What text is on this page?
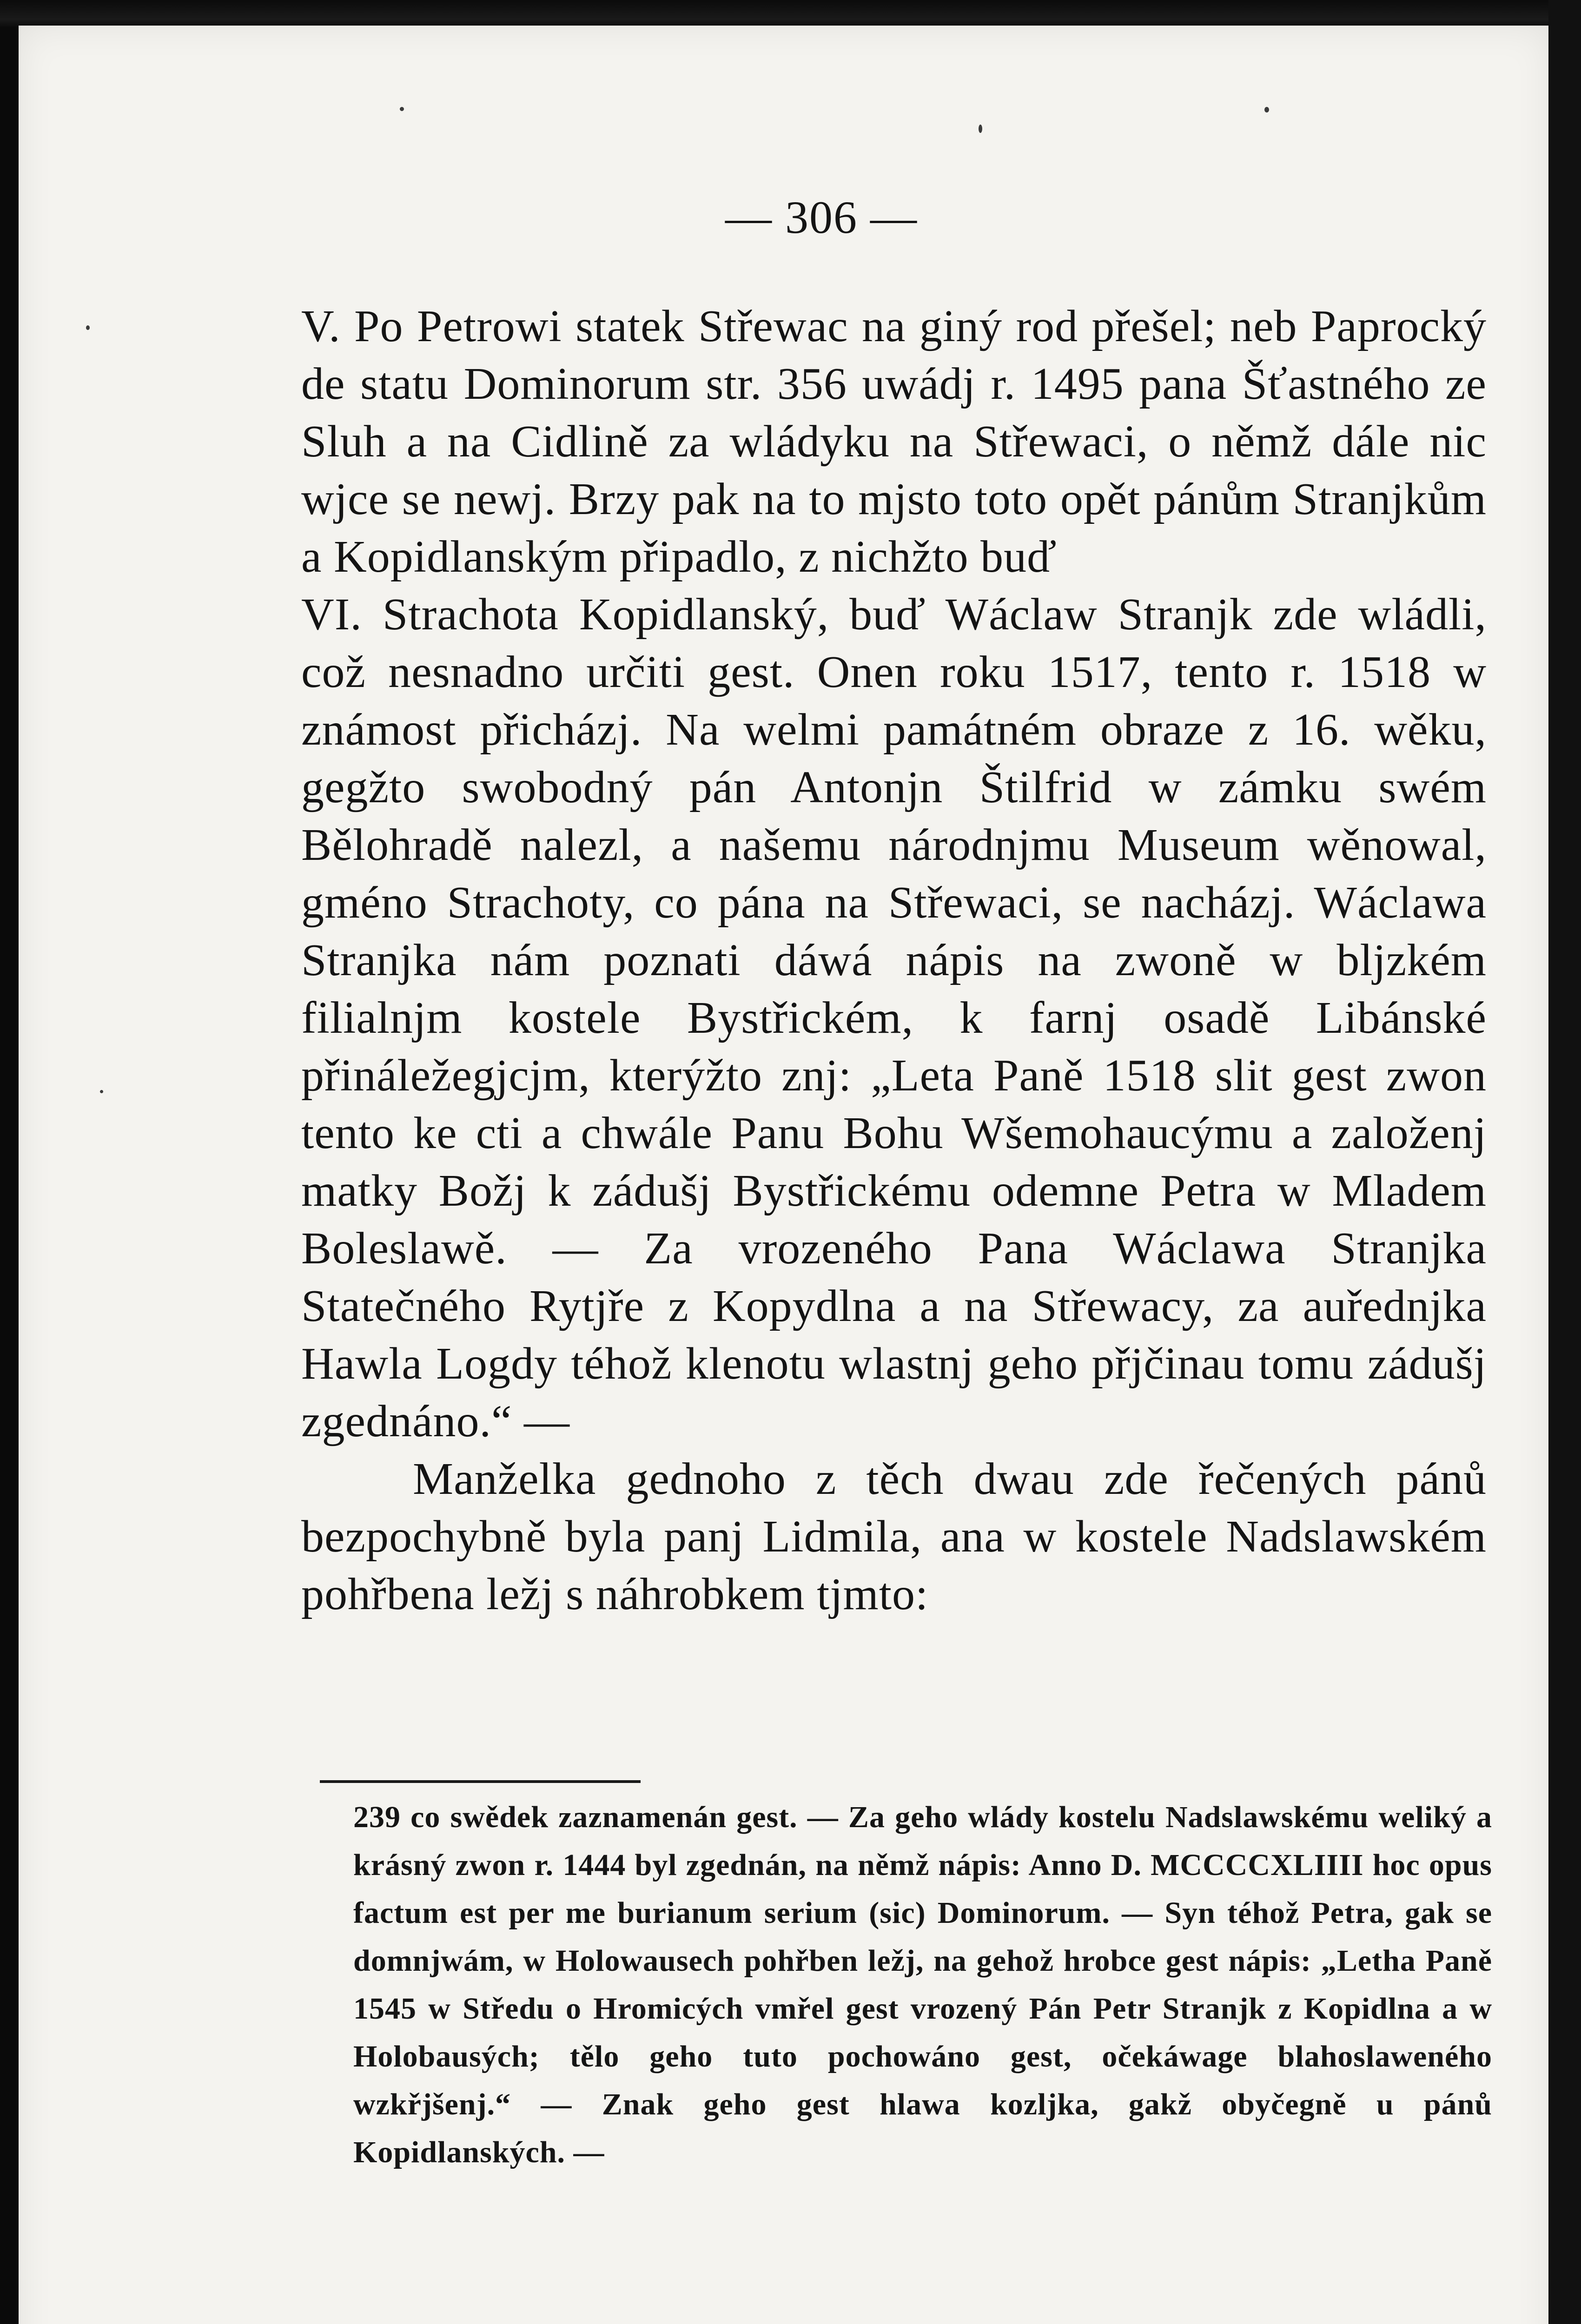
— 306 —

V. Po Petrowi statek Střewac na giný rod přešel; neb Paprocký de statu Dominorum str. 356 uwádj r. 1495 pana Šťastného ze Sluh a na Cidlině za wládyku na Střewaci, o němž dále nic wjce se newj. Brzy pak na to mjsto toto opět pánům Stranjkům a Kopidlanským připadlo, z nichžto buď

VI. Strachota Kopidlanský, buď Wáclaw Stranjk zde wládli, což nesnadno určiti gest. Onen roku 1517, tento r. 1518 w známost přicházj. Na welmi památném obraze z 16. wěku, gegžto swobodný pán Antonjn Štilfrid w zámku swém Bělohradě nalezl, a našemu národnjmu Museum wěnowal, gméno Strachoty, co pána na Střewaci, se nacházj. Wáclawa Stranjka nám poznati dáwá nápis na zwoně w bljzkém filialnjm kostele Bystřickém, k farnj osadě Libánské přináležegjcjm, kterýžto znj: „Leta Paně 1518 slit gest zwon tento ke cti a chwále Panu Bohu Wšemohaucýmu a založenj matky Božj k zádušj Bystřickému odemne Petra w Mladem Boleslawě. — Za vrozeného Pana Wáclawa Stranjka Statečného Rytjře z Kopydlna a na Střewacy, za auřednjka Hawla Logdy téhož klenotu wlastnj geho přjčinau tomu zádušj zgednáno.“ —

Manželka gednoho z těch dwau zde řečených pánů bezpochybně byla panj Lidmila, ana w kostele Nadslawském pohřbena ležj s náhrobkem tjmto:

239 co swědek zaznamenán gest. — Za geho wlády kostelu Nadslawskému weliký a krásný zwon r. 1444 byl zgednán, na němž nápis: Anno D. MCCCCXLIIII hoc opus factum est per me burianum serium (sic) Dominorum. — Syn téhož Petra, gak se domnjwám, w Holowausech pohřben ležj, na gehož hrobce gest nápis: „Letha Paně 1545 w Středu o Hromicých vmřel gest vrozený Pán Petr Stranjk z Kopidlna a w Holobausých; tělo geho tuto pochowáno gest, očekáwage blahoslaweného wzkřjšenj.“ — Znak geho gest hlawa kozljka, gakž obyčegně u pánů Kopidlanských. —
